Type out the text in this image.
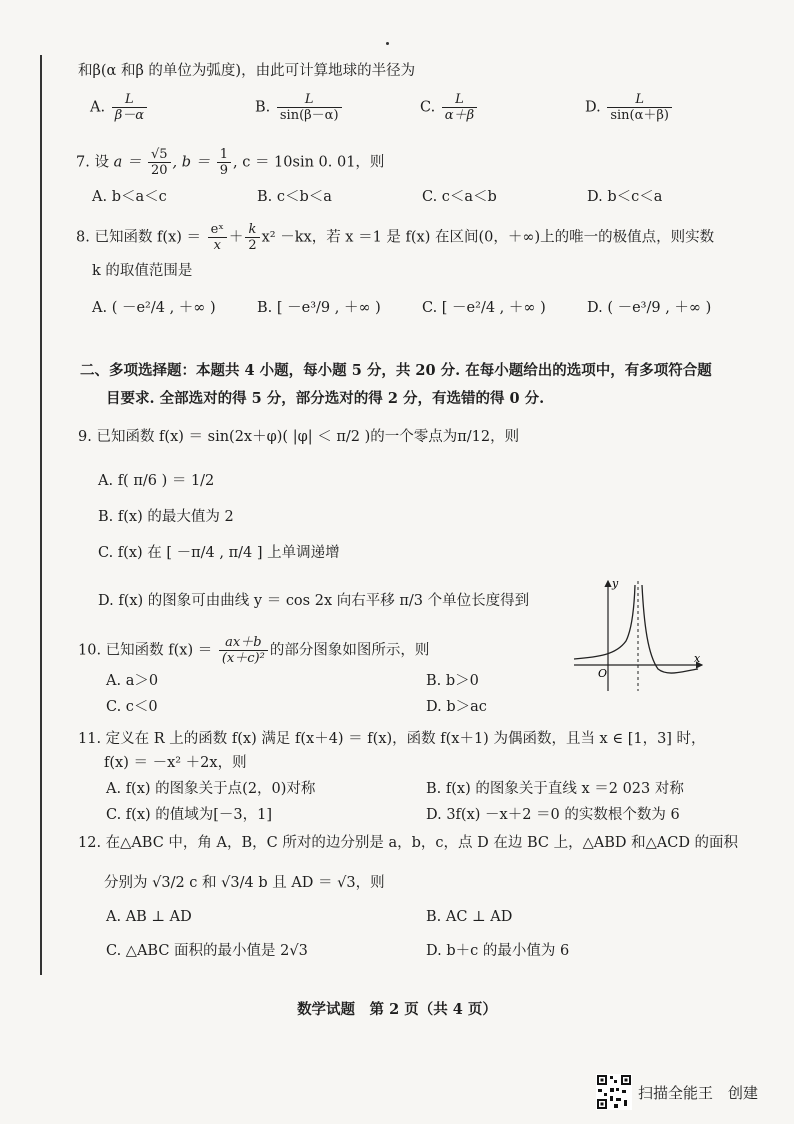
和β(α 和β 的单位为弧度)，由此可计算地球的半径为
A. $\frac{L}{\beta-\alpha}$	B. $\frac{L}{\sin(\beta-\alpha)}$	C. $\frac{L}{\alpha+\beta}$	D. $\frac{L}{\sin(\alpha+\beta)}$
7. 设 $a = \frac{√5}{20}$ , $b = \frac{1}{9}$ , c ＝ 10sin 0. 01，则
A. b＜a＜c	B. c＜b＜a	C. c＜a＜b	D. b＜c＜a
8. 已知函数 $f(x) = \frac{\text{eˣ}}{x} + \frac{k}{2} x^2 -kx$，若 x ＝1 是 f(x) 在区间(0，＋∞)上的唯一的极值点，则实数
k 的取值范围是
A. ( －e²/4 , ＋∞ )	B. [ －e³/9 , ＋∞ )	C. [ －e²/4 , ＋∞ )	D. ( －e³/9 , ＋∞ )
二、多项选择题：本题共 4 小题，每小题 5 分，共 20 分. 在每小题给出的选项中，有多项符合题
目要求. 全部选对的得 5 分，部分选对的得 2 分，有选错的得 0 分.
9. 已知函数 f(x) ＝ sin(2x＋φ)( |φ| ＜ π/2 )的一个零点为π/12，则
A. f( π/6 ) ＝ 1/2
B. f(x) 的最大值为 2
C. f(x) 在 [ －π/4 , π/4 ] 上单调递增
D. f(x) 的图象可由曲线 y ＝ cos 2x 向右平移 π/3 个单位长度得到
10. 已知函数 $f(x) = \frac{ax+b}{\text{(x＋c)²}}$ 的部分图象如图所示，则
A. a＞0	B. b＞0
C. c＜0	D. b＞ac
y
x
O
11. 定义在 R 上的函数 f(x) 满足 f(x＋4) ＝ f(x)，函数 f(x＋1) 为偶函数，且当 x ∈ [1，3] 时，
f(x) ＝ －x² ＋2x，则
A. f(x) 的图象关于点(2，0)对称	B. f(x) 的图象关于直线 x ＝2 023 对称
C. f(x) 的值域为[－3，1]	D. 3f(x) －x＋2 ＝0 的实数根个数为 6
12. 在△ABC 中，角 A，B，C 所对的边分别是 a，b，c，点 D 在边 BC 上，△ABD 和△ACD 的面积
分别为 √3/2 c 和 √3/4 b 且 AD ＝ √3，则
A. AB ⊥ AD	B. AC ⊥ AD
C. △ABC 面积的最小值是 2√3	D. b＋c 的最小值为 6
数学试题　第 2 页（共 4 页）
扫描全能王　创建
